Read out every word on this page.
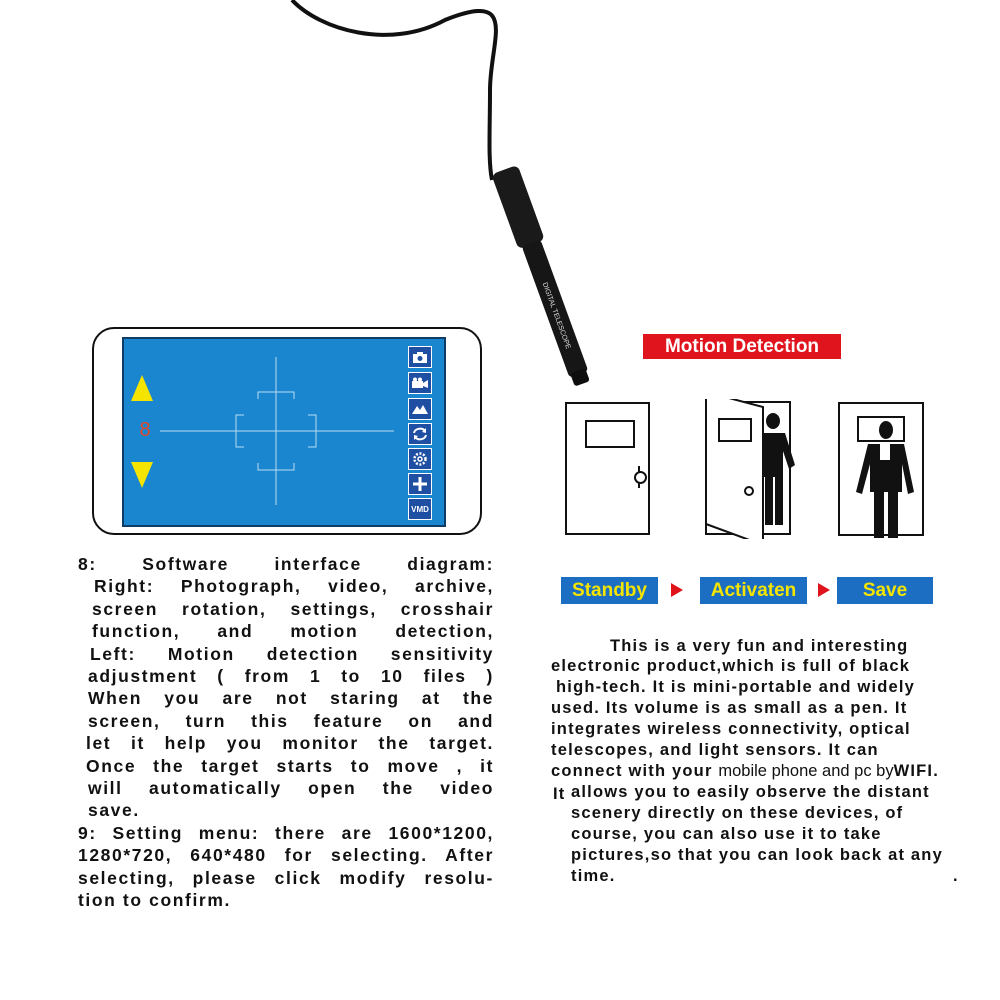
DIGITAL TELESCOPE
8
VMD
8: Software interface diagram:
Right: Photograph, video, archive,
screen rotation, settings, crosshair
function, and motion detection,
Left: Motion detection sensitivity
adjustment ( from 1 to 10 files )
When you are not staring at the
screen, turn this feature on and
let it help you monitor the target.
Once the target starts to move , it
will automatically open the video
save.
9: Setting menu: there are 1600*1200,
1280*720, 640*480 for selecting. After
selecting, please click modify resolu-
tion to confirm.
Motion Detection
Standby	Activaten	Save
This is a very fun and interesting
electronic product,which is full of black
high-tech. It is mini-portable and widely
used. Its volume is as small as a pen. It
integrates wireless connectivity, optical
telescopes, and light sensors. It can
connect with your mobile phone and pc byWIFI.
It allows you to easily observe the distant
scenery directly on these devices, of
course, you can also use it to take
pictures,so that you can look back at any
time.	.
